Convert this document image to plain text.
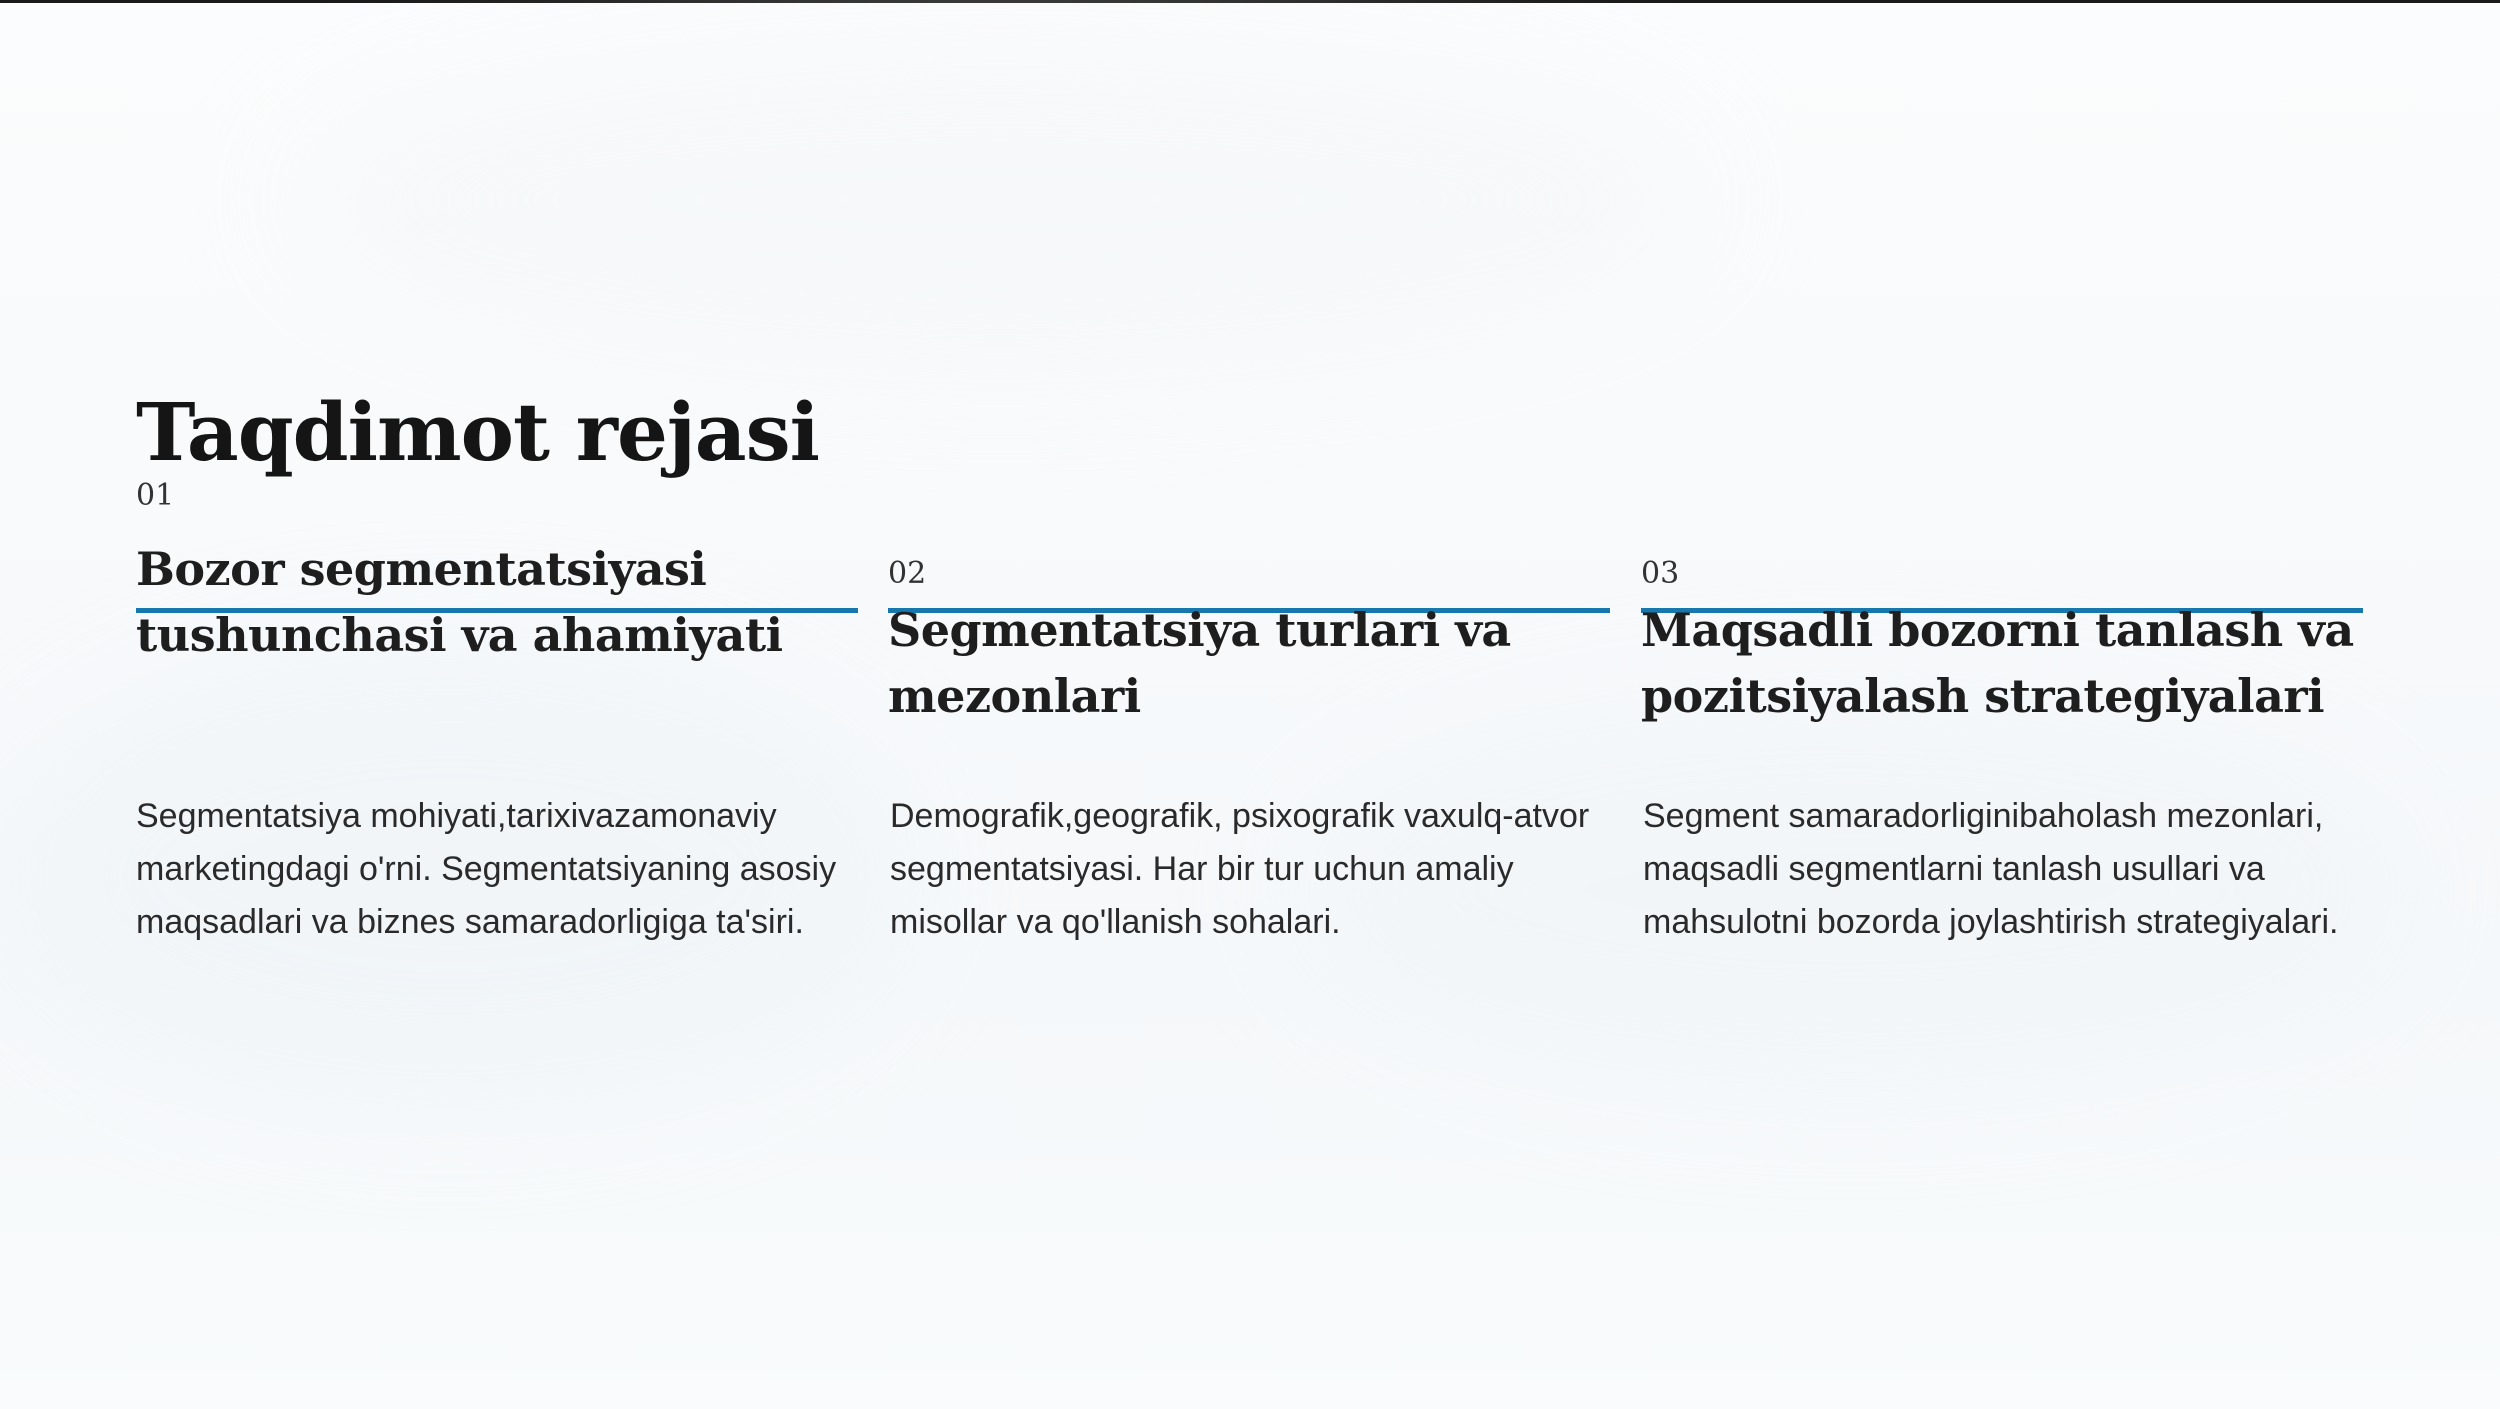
Taqdimot rejasi
01
Bozor segmentatsiyasi tushunchasi va ahamiyati

Segmentatsiya mohiyati,tarixivazamonaviy marketingdagi o'rni. Segmentatsiyaning asosiy maqsadlari va biznes samaradorligiga ta'siri.

02
Segmentatsiya turlari va mezonlari

Demografik,geografik, psixografik vaxulq-atvor segmentatsiyasi. Har bir tur uchun amaliy misollar va qo'llanish sohalari.

03
Maqsadli bozorni tanlash va pozitsiyalash strategiyalari

Segment samaradorliginibaholash mezonlari, maqsadli segmentlarni tanlash usullari va mahsulotni bozorda joylashtirish strategiyalari.
